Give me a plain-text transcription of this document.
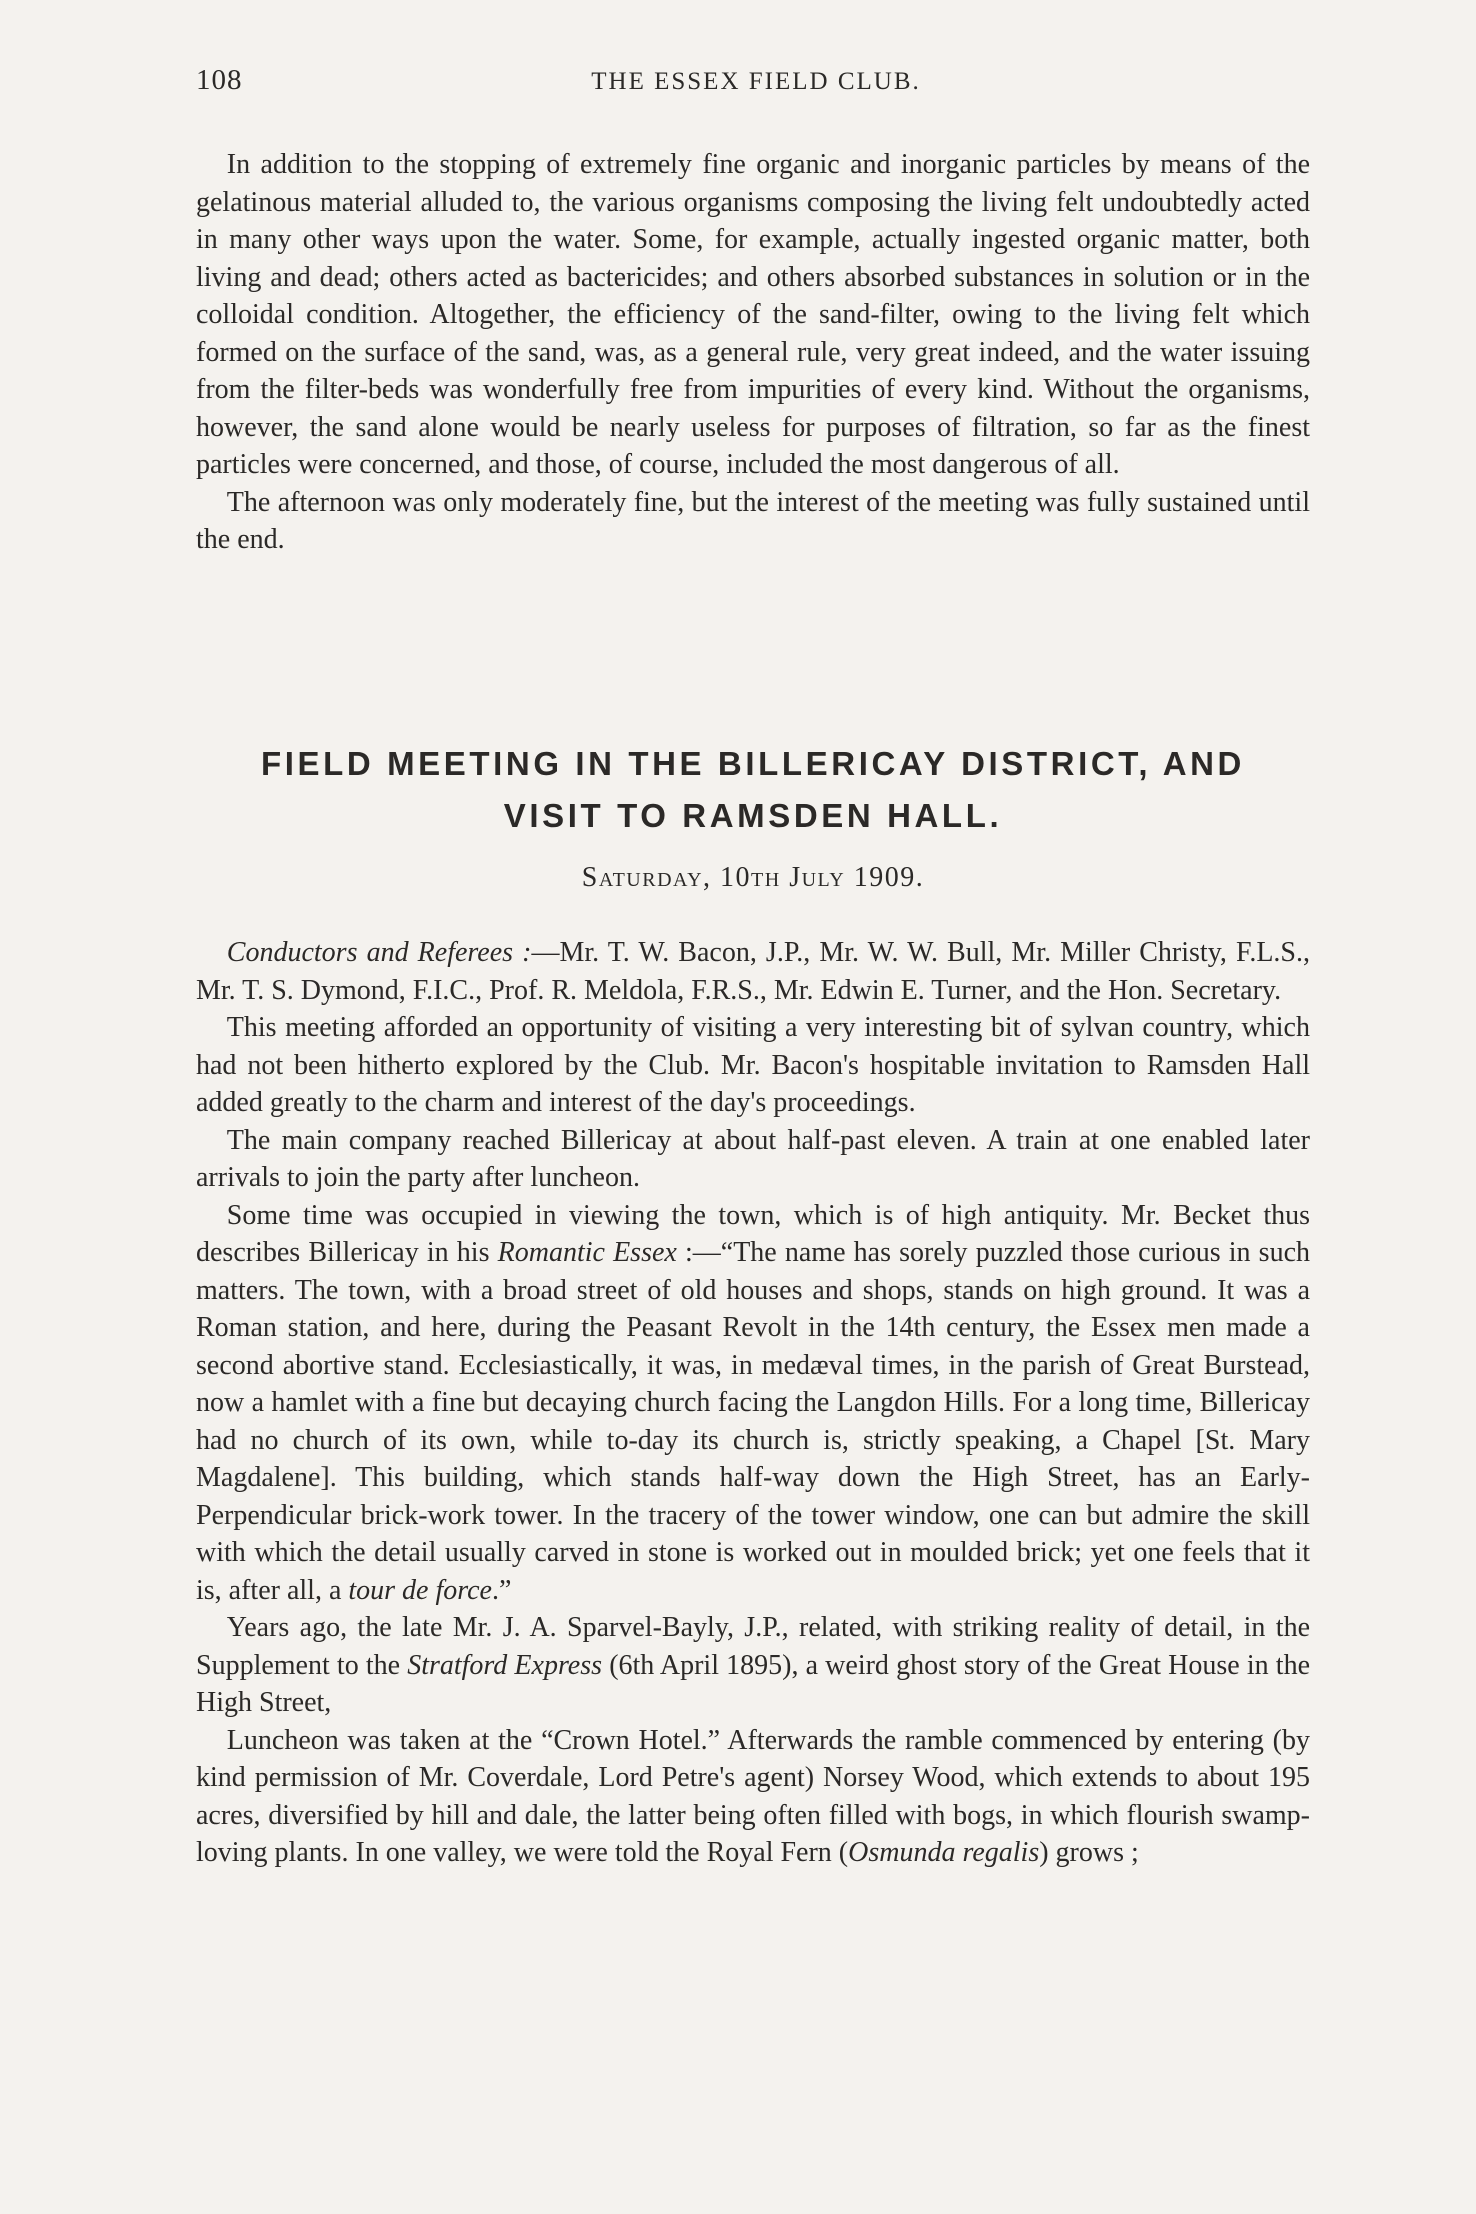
108	THE ESSEX FIELD CLUB.

In addition to the stopping of extremely fine organic and inorganic particles by means of the gelatinous material alluded to, the various organisms composing the living felt undoubtedly acted in many other ways upon the water. Some, for example, actually ingested organic matter, both living and dead; others acted as bactericides; and others absorbed substances in solution or in the colloidal condition. Altogether, the efficiency of the sand-filter, owing to the living felt which formed on the surface of the sand, was, as a general rule, very great indeed, and the water issuing from the filter-beds was wonderfully free from impurities of every kind. Without the organisms, however, the sand alone would be nearly useless for purposes of filtration, so far as the finest particles were concerned, and those, of course, included the most dangerous of all.

The afternoon was only moderately fine, but the interest of the meeting was fully sustained until the end.

FIELD MEETING IN THE BILLERICAY DISTRICT, AND
VISIT TO RAMSDEN HALL.
Saturday, 10th July 1909.

Conductors and Referees :—Mr. T. W. Bacon, J.P., Mr. W. W. Bull, Mr. Miller Christy, F.L.S., Mr. T. S. Dymond, F.I.C., Prof. R. Meldola, F.R.S., Mr. Edwin E. Turner, and the Hon. Secretary.

This meeting afforded an opportunity of visiting a very interesting bit of sylvan country, which had not been hitherto explored by the Club. Mr. Bacon's hospitable invitation to Ramsden Hall added greatly to the charm and interest of the day's proceedings.

The main company reached Billericay at about half-past eleven. A train at one enabled later arrivals to join the party after luncheon.

Some time was occupied in viewing the town, which is of high antiquity. Mr. Becket thus describes Billericay in his Romantic Essex :—“The name has sorely puzzled those curious in such matters. The town, with a broad street of old houses and shops, stands on high ground. It was a Roman station, and here, during the Peasant Revolt in the 14th century, the Essex men made a second abortive stand. Ecclesiastically, it was, in medæval times, in the parish of Great Burstead, now a hamlet with a fine but decaying church facing the Langdon Hills. For a long time, Billericay had no church of its own, while to-day its church is, strictly speaking, a Chapel [St. Mary Magdalene]. This building, which stands half-way down the High Street, has an Early-Perpendicular brick-work tower. In the tracery of the tower window, one can but admire the skill with which the detail usually carved in stone is worked out in moulded brick; yet one feels that it is, after all, a tour de force.”

Years ago, the late Mr. J. A. Sparvel-Bayly, J.P., related, with striking reality of detail, in the Supplement to the Stratford Express (6th April 1895), a weird ghost story of the Great House in the High Street,

Luncheon was taken at the “Crown Hotel.” Afterwards the ramble commenced by entering (by kind permission of Mr. Coverdale, Lord Petre's agent) Norsey Wood, which extends to about 195 acres, diversified by hill and dale, the latter being often filled with bogs, in which flourish swamp-loving plants. In one valley, we were told the Royal Fern (Osmunda regalis) grows ;
